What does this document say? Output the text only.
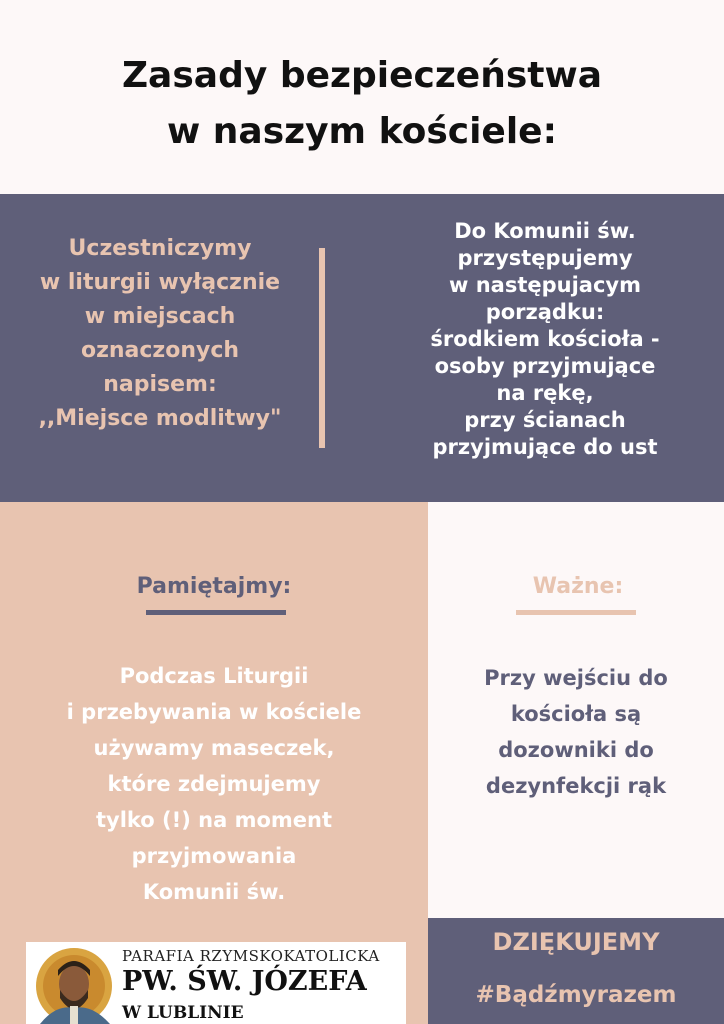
Zasady bezpieczeństwa
w naszym kościele:
Uczestniczymy
w liturgii wyłącznie
w miejscach
oznaczonych
napisem:
,,Miejsce modlitwy"
Do Komunii św.
przystępujemy
w następujacym
porządku:
środkiem kościoła -
osoby przyjmujące
na rękę,
przy ścianach
przyjmujące do ust
Pamiętajmy:
Podczas Liturgii
i przebywania w kościele
używamy maseczek,
które zdejmujemy
tylko (!) na moment
przyjmowania
Komunii św.
Ważne:
Przy wejściu do
kościoła są
dozowniki do
dezynfekcji rąk
DZIĘKUJEMY
#Bądźmyrazem
PARAFIA RZYMSKOKATOLICKA
PW. ŚW. JÓZEFA
W LUBLINIE
